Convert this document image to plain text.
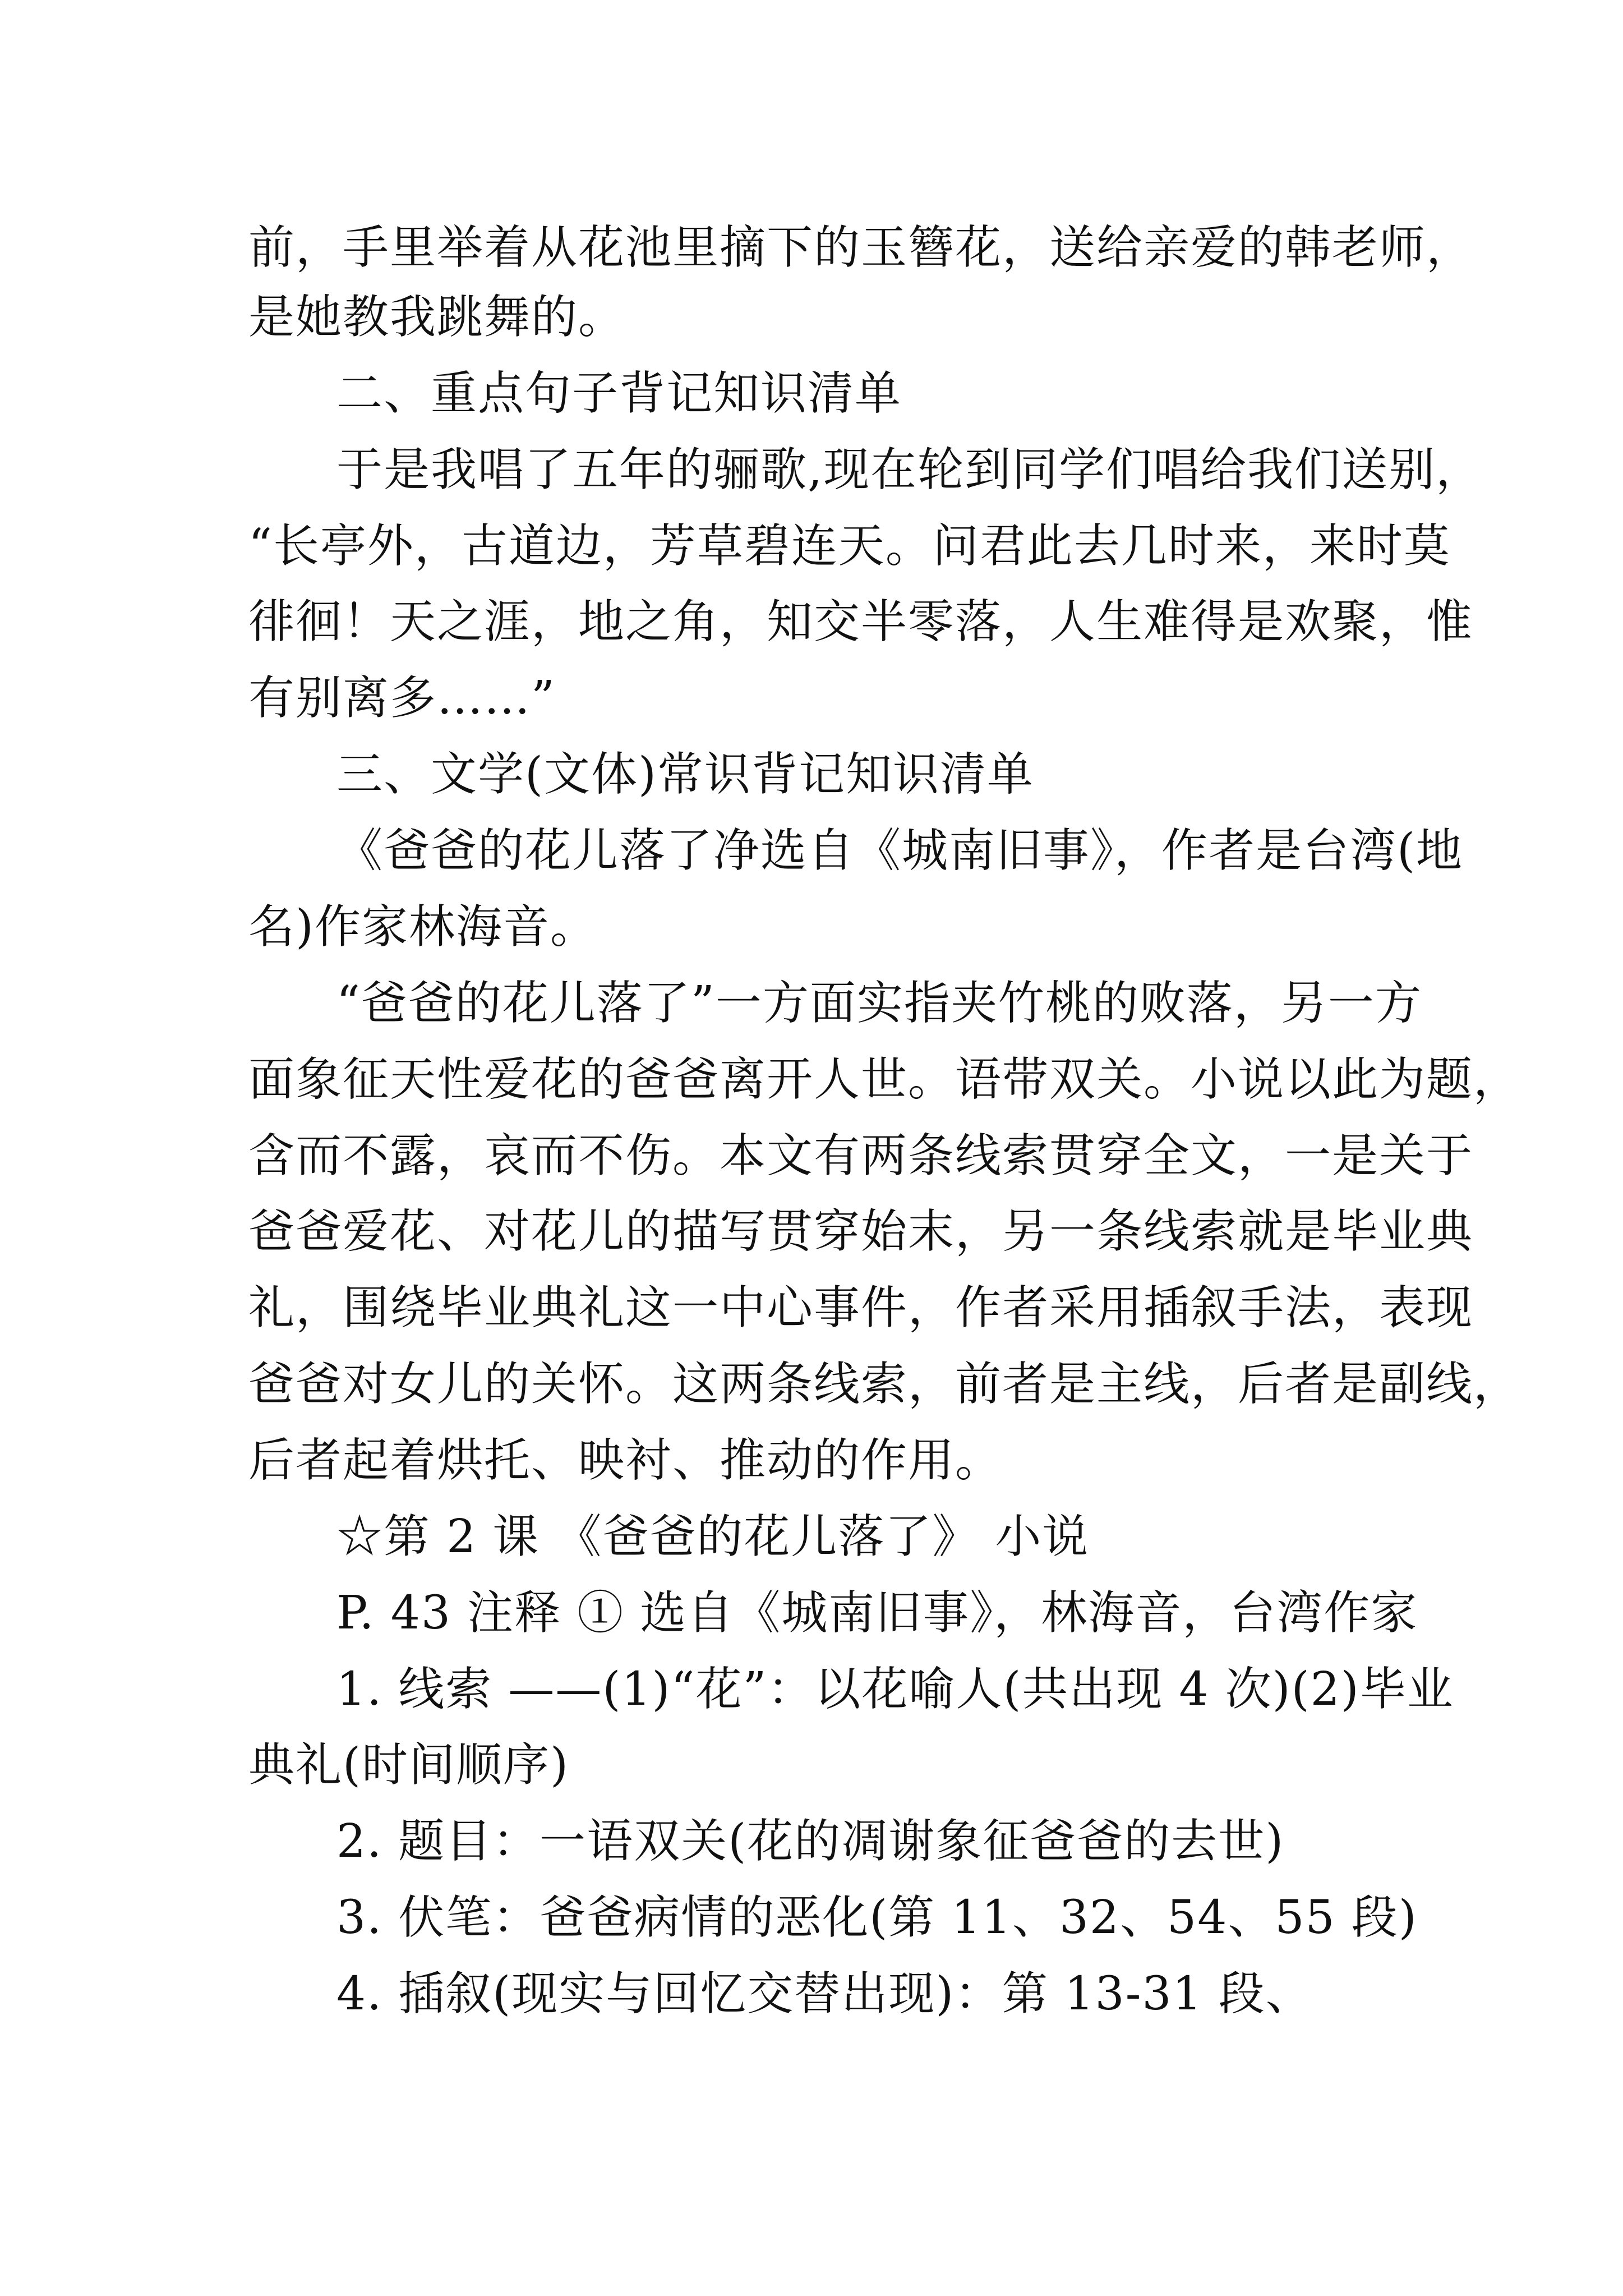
前，手里举着从花池里摘下的玉簪花，送给亲爱的韩老师，
是她教我跳舞的。
二、重点句子背记知识清单
于是我唱了五年的骊歌,现在轮到同学们唱给我们送别，
“长亭外，古道边，芳草碧连天。问君此去几时来，来时莫
徘徊！天之涯，地之角，知交半零落，人生难得是欢聚，惟
有别离多……”
三、文学(文体)常识背记知识清单
《爸爸的花儿落了净选自《城南旧事》，作者是台湾(地
名)作家林海音。
“爸爸的花儿落了”一方面实指夹竹桃的败落，另一方
面象征天性爱花的爸爸离开人世。语带双关。小说以此为题，
含而不露，哀而不伤。本文有两条线索贯穿全文，一是关于
爸爸爱花、对花儿的描写贯穿始末，另一条线索就是毕业典
礼，围绕毕业典礼这一中心事件，作者采用插叙手法，表现
爸爸对女儿的关怀。这两条线索，前者是主线，后者是副线，
后者起着烘托、映衬、推动的作用。
☆第 2 课 《爸爸的花儿落了》 小说
P. 43 注释 ① 选自《城南旧事》，林海音，台湾作家
1. 线索 ——(1)“花”：以花喻人(共出现 4 次)(2)毕业
典礼(时间顺序)
2. 题目：一语双关(花的凋谢象征爸爸的去世)
3. 伏笔：爸爸病情的恶化(第 11、32、54、55 段)
4. 插叙(现实与回忆交替出现)：第 13-31 段、
